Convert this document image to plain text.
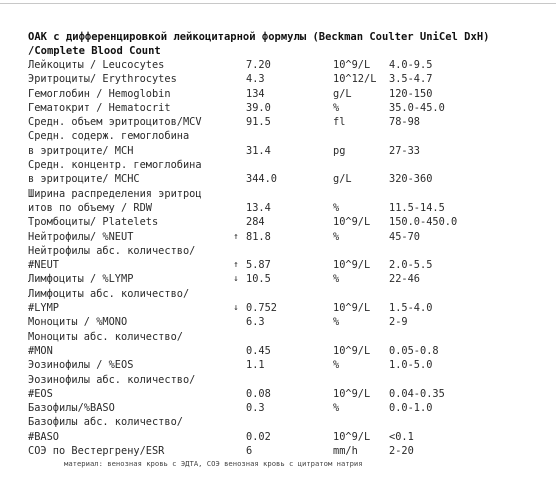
ОАК с дифференцировкой лейкоцитарной формулы (Beckman Coulter UniCel DxH)
/Complete Blood Count
Лейкоциты / Leucocytes	7.20	10^9/L 4.0-9.5
Эритроциты/ Erythrocytes	4.3	10^12/L 3.5-4.7
Гемоглобин / Hemoglobin	134	g/L	120-150
Гематокрит / Hematocrit	39.0	%	35.0-45.0
Средн. объем эритроцитов/MCV	91.5	fl	78-98
Средн. содерж. гемоглобина
в эритроците/ MCH	31.4	pg	27-33
Средн. концентр. гемоглобина
в эритроците/ MCHC	344.0	g/L	320-360
Ширина распределения эритроц
итов по объему / RDW	13.4	%	11.5-14.5
Тромбоциты/ Platelets	284	10^9/L 150.0-450.0
Нейтрофилы/ %NEUT	↑ 81.8	%	45-70
Нейтрофилы абс. количество/
#NEUT	↑ 5.87	10^9/L 2.0-5.5
Лимфоциты / %LYMP	↓ 10.5	%	22-46
Лимфоциты абс. количество/
#LYMP	↓ 0.752	10^9/L 1.5-4.0
Моноциты / %MONO	6.3	%	2-9
Моноциты абс. количество/
#MON	0.45	10^9/L 0.05-0.8
Эозинофилы / %EOS	1.1	%	1.0-5.0
Эозинофилы абс. количество/
#EOS	0.08	10^9/L 0.04-0.35
Базофилы/%BASO	0.3	%	0.0-1.0
Базофилы абс. количество/
#BASO	0.02	10^9/L <0.1
СОЭ по Вестергрену/ESR	6	mm/h	2-20
материал: венозная кровь с ЭДТА, СОЭ венозная кровь с цитратом натрия
